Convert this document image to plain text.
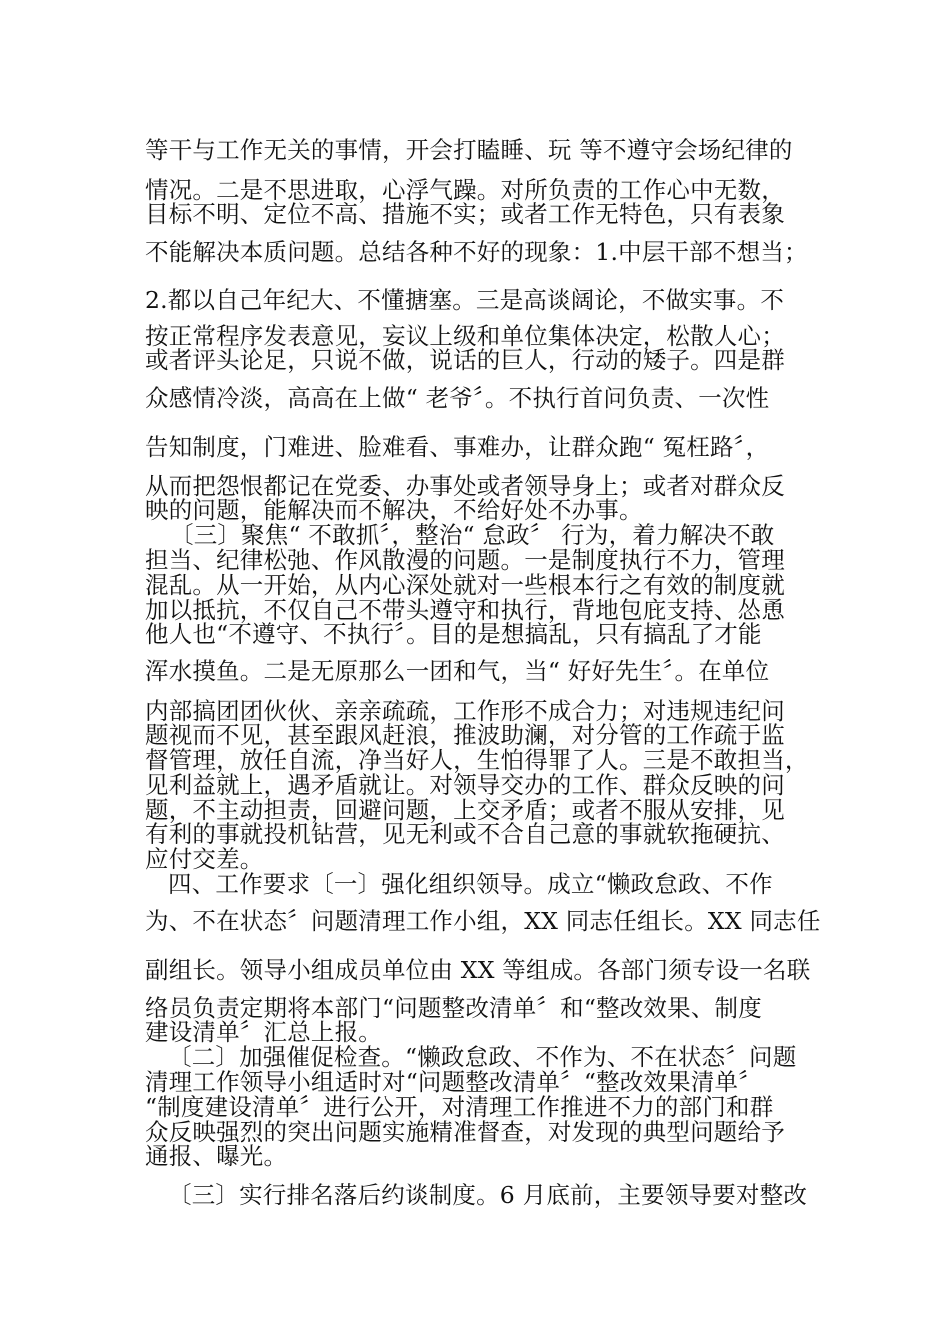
等干与工作无关的事情，开会打瞌睡、玩 等不遵守会场纪律的
情况。二是不思进取，心浮气躁。对所负责的工作心中无数，
目标不明、定位不高、措施不实；或者工作无特色，只有表象
不能解决本质问题。总结各种不好的现象：1.中层干部不想当；
2.都以自己年纪大、不懂搪塞。三是高谈阔论，不做实事。不
按正常程序发表意见，妄议上级和单位集体决定，松散人心；
或者评头论足，只说不做，说话的巨人，行动的矮子。四是群
众感情冷淡，高高在上做“ 老爷〞。不执行首问负责、一次性
告知制度，门难进、脸难看、事难办，让群众跑“ 冤枉路〞，
从而把怨恨都记在党委、办事处或者领导身上；或者对群众反
映的问题，能解决而不解决，不给好处不办事。
〔三〕聚焦“ 不敢抓〞，整治“ 怠政〞 行为，着力解决不敢
担当、纪律松弛、作风散漫的问题。一是制度执行不力，管理
混乱。从一开始，从内心深处就对一些根本行之有效的制度就
加以抵抗，不仅自己不带头遵守和执行，背地包庇支持、怂恿
他人也“不遵守、不执行〞。目的是想搞乱，只有搞乱了才能
浑水摸鱼。二是无原那么一团和气，当“ 好好先生〞。在单位
内部搞团团伙伙、亲亲疏疏，工作形不成合力；对违规违纪问
题视而不见，甚至跟风赶浪，推波助澜，对分管的工作疏于监
督管理，放任自流，净当好人，生怕得罪了人。三是不敢担当，
见利益就上，遇矛盾就让。对领导交办的工作、群众反映的问
题，不主动担责，回避问题，上交矛盾；或者不服从安排，见
有利的事就投机钻营，见无利或不合自己意的事就软拖硬抗、
应付交差。
四、工作要求〔一〕强化组织领导。成立“懒政怠政、不作
为、不在状态〞问题清理工作小组，XX 同志任组长。XX 同志任
副组长。领导小组成员单位由 XX 等组成。各部门须专设一名联
络员负责定期将本部门“问题整改清单〞和“整改效果、制度
建设清单〞汇总上报。
〔二〕加强催促检查。“懒政怠政、不作为、不在状态〞问题
清理工作领导小组适时对“问题整改清单〞“整改效果清单〞
“制度建设清单〞进行公开，对清理工作推进不力的部门和群
众反映强烈的突出问题实施精准督查，对发现的典型问题给予
通报、曝光。
〔三〕实行排名落后约谈制度。6 月底前，主要领导要对整改
